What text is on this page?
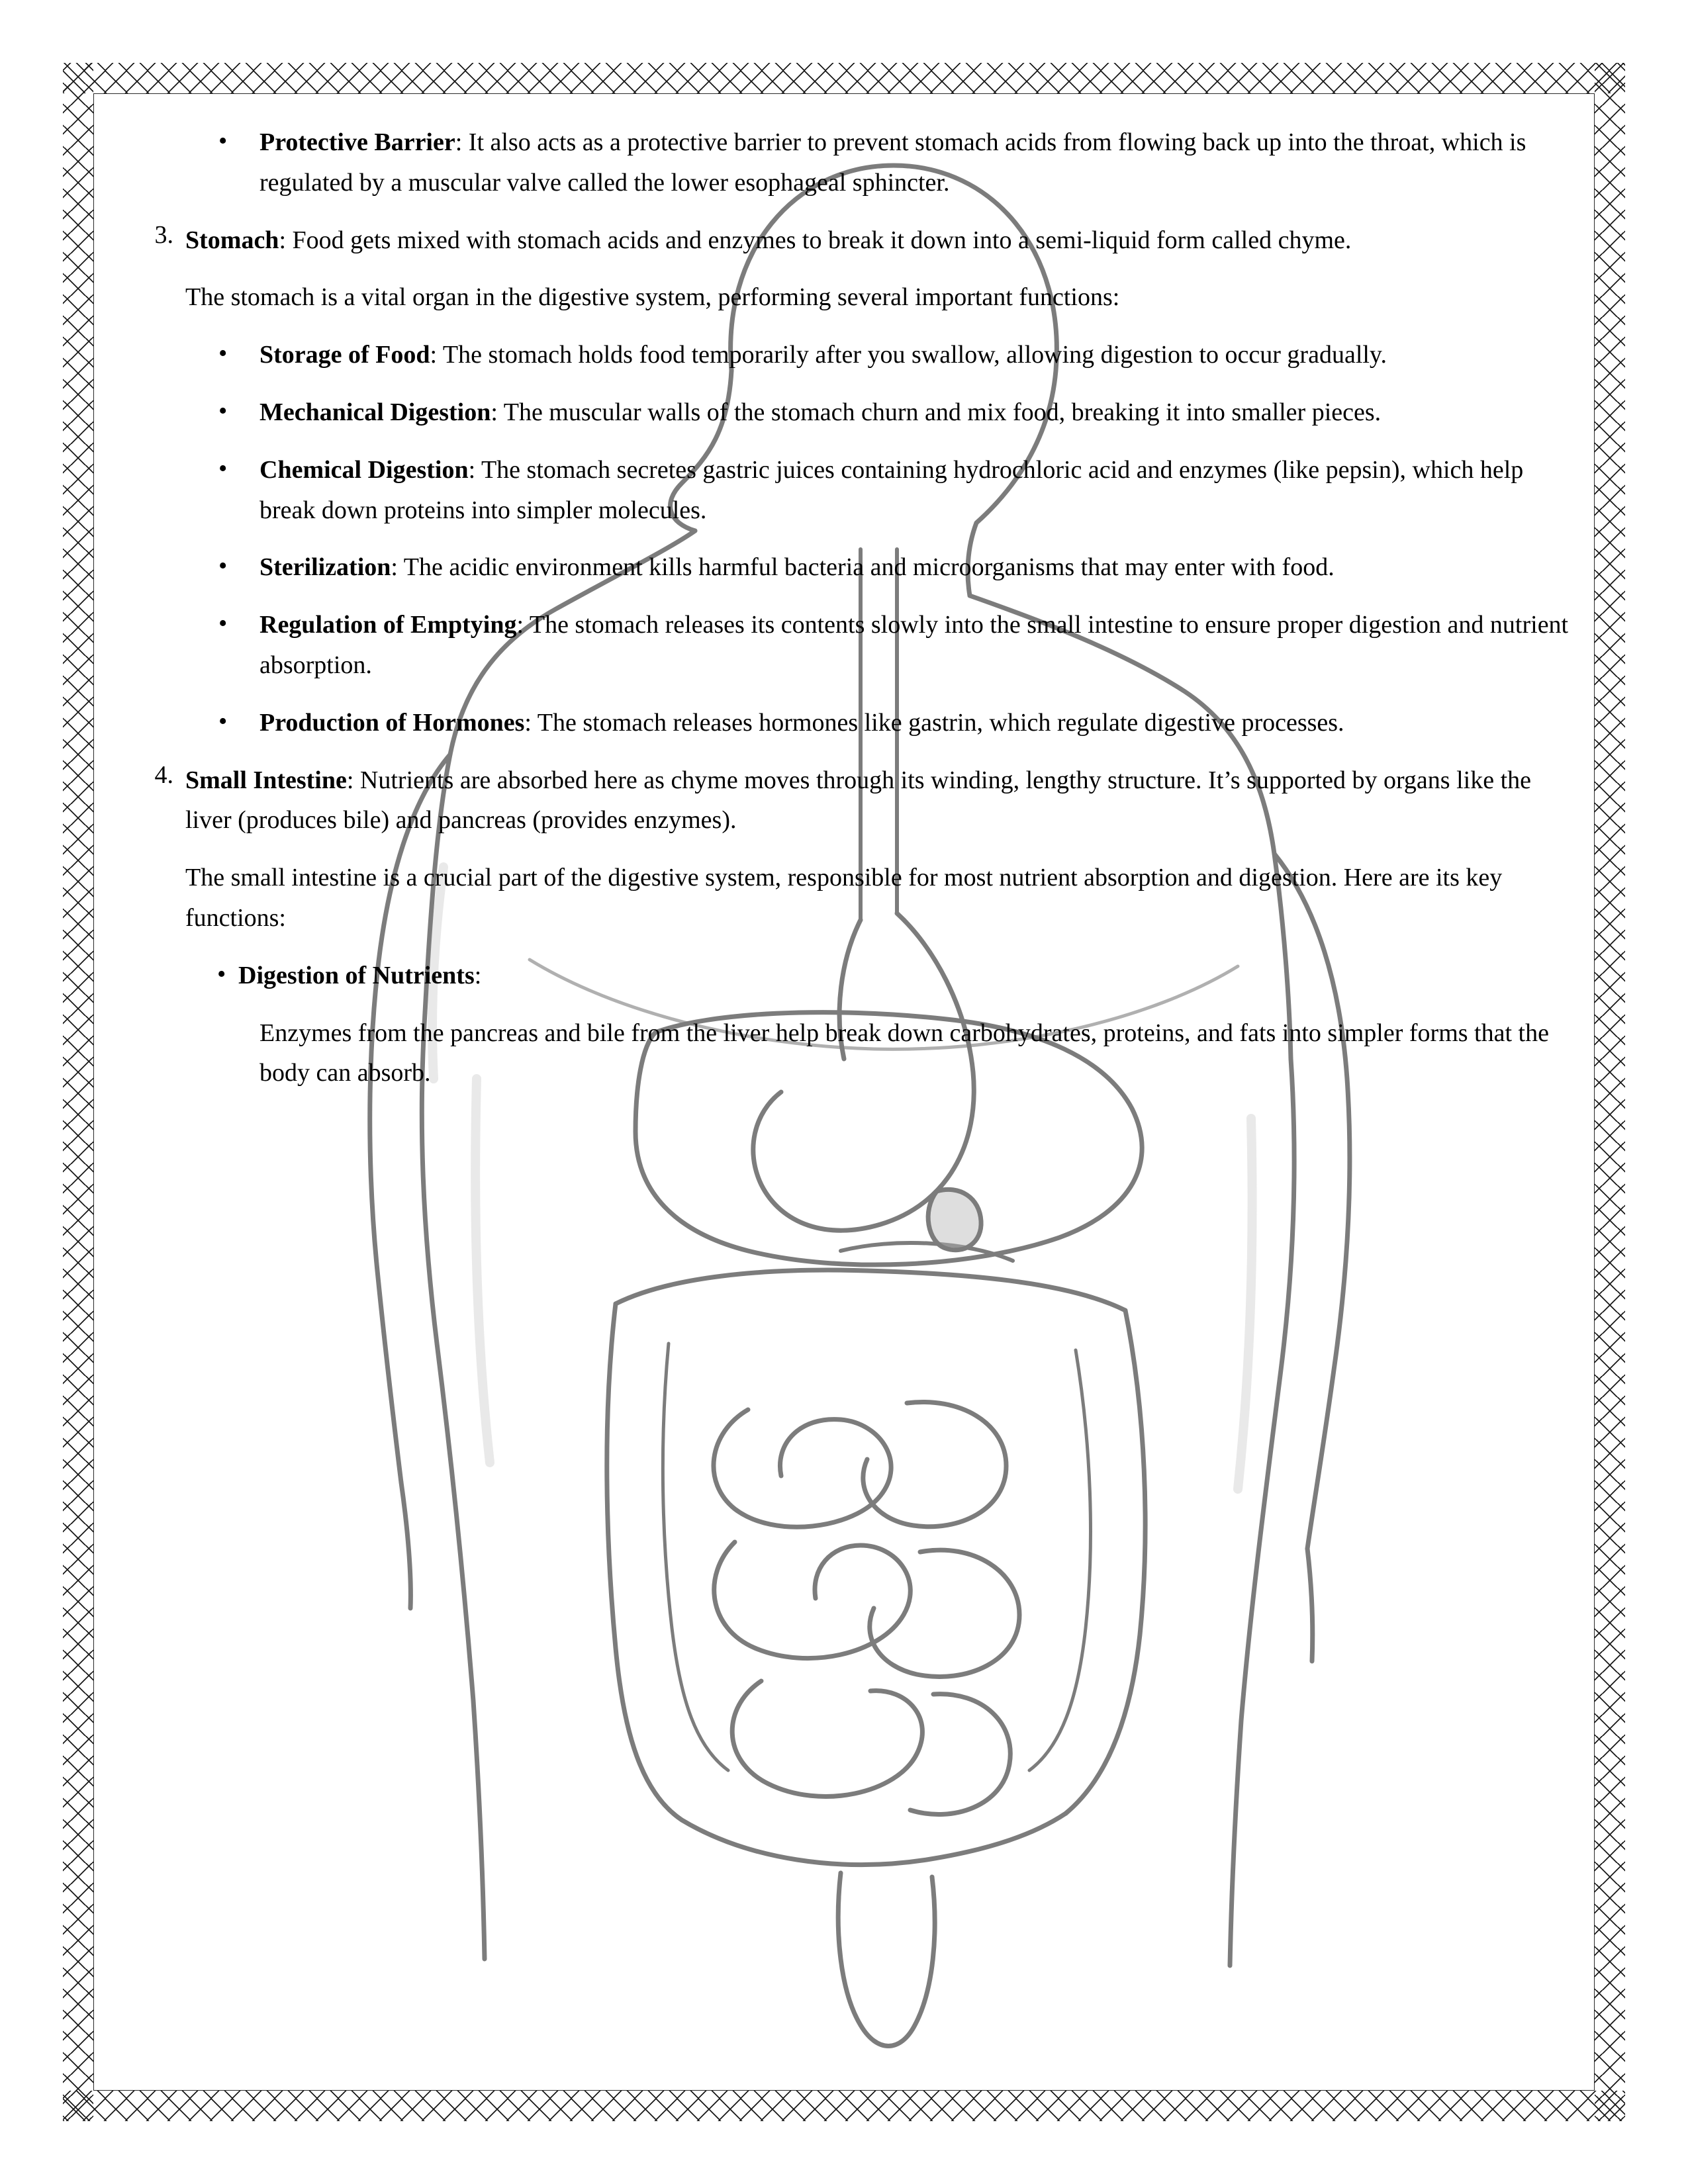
• Protective Barrier: It also acts as a protective barrier to prevent stomach acids from flowing back up into the throat, which is regulated by a muscular valve called the lower esophageal sphincter.

3. Stomach: Food gets mixed with stomach acids and enzymes to break it down into a semi-liquid form called chyme.

The stomach is a vital organ in the digestive system, performing several important functions:

• Storage of Food: The stomach holds food temporarily after you swallow, allowing digestion to occur gradually.

• Mechanical Digestion: The muscular walls of the stomach churn and mix food, breaking it into smaller pieces.

• Chemical Digestion: The stomach secretes gastric juices containing hydrochloric acid and enzymes (like pepsin), which help break down proteins into simpler molecules.

• Sterilization: The acidic environment kills harmful bacteria and microorganisms that may enter with food.

• Regulation of Emptying: The stomach releases its contents slowly into the small intestine to ensure proper digestion and nutrient absorption.

• Production of Hormones: The stomach releases hormones like gastrin, which regulate digestive processes.

4. Small Intestine: Nutrients are absorbed here as chyme moves through its winding, lengthy structure. It’s supported by organs like the liver (produces bile) and pancreas (provides enzymes).

The small intestine is a crucial part of the digestive system, responsible for most nutrient absorption and digestion. Here are its key functions:

• Digestion of Nutrients:

Enzymes from the pancreas and bile from the liver help break down carbohydrates, proteins, and fats into simpler forms that the body can absorb.
